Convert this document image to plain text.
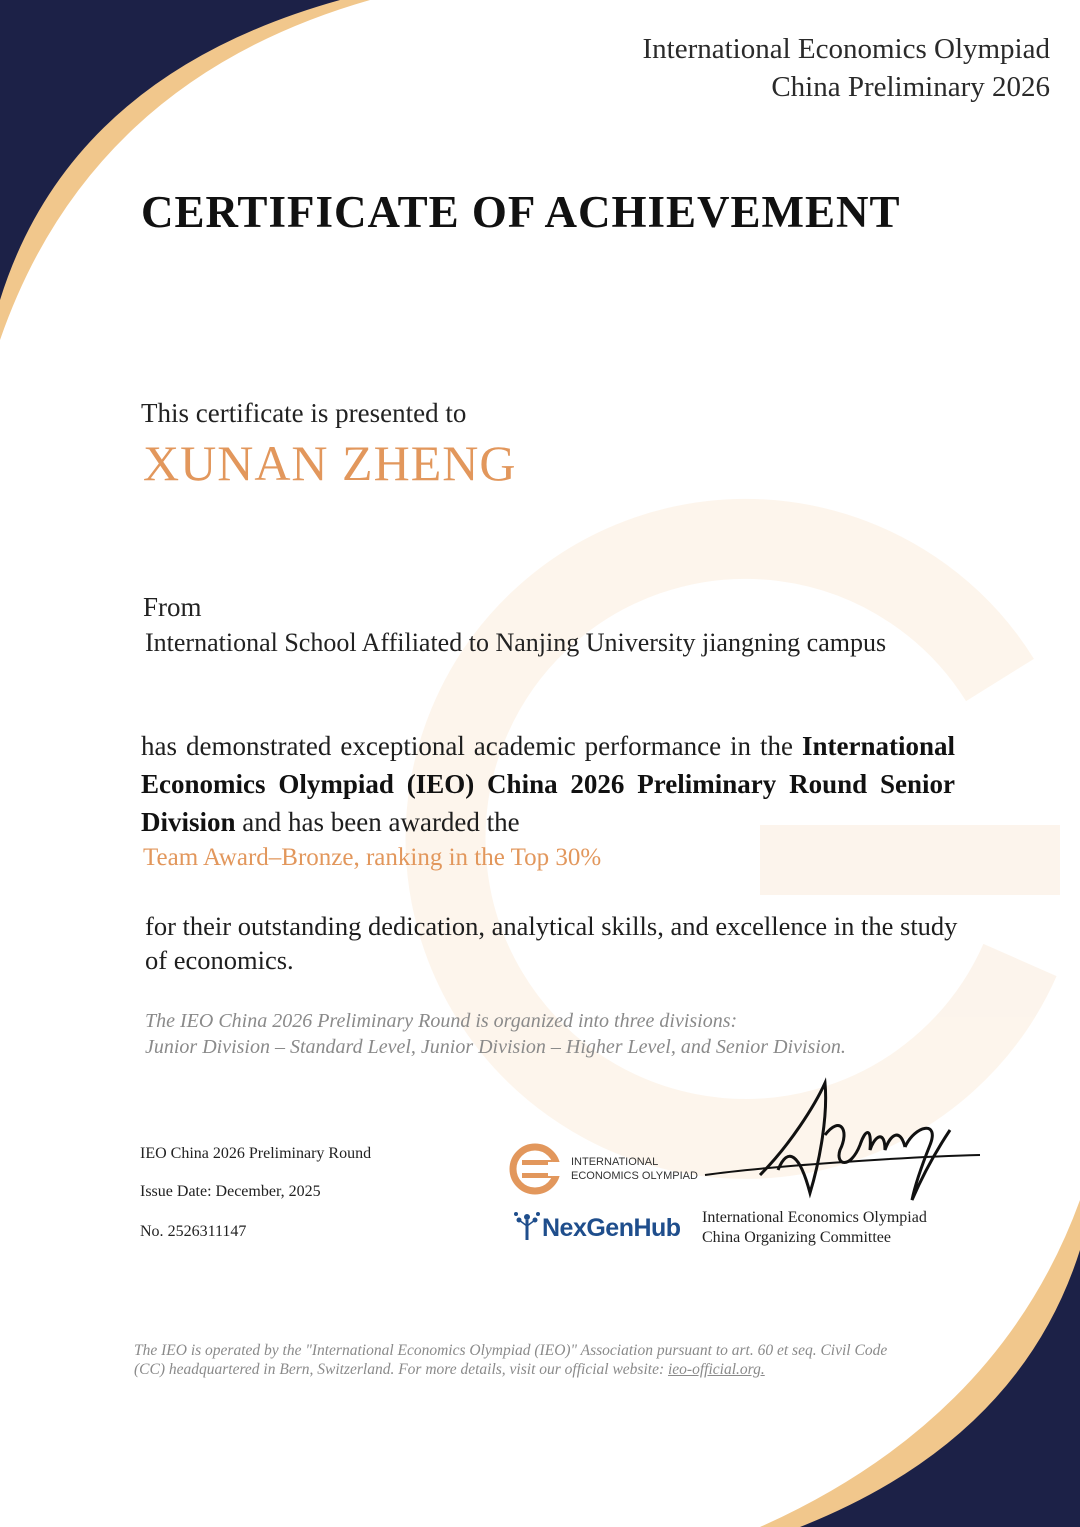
International Economics Olympiad
China Preliminary 2026
CERTIFICATE OF ACHIEVEMENT
This certificate is presented to
XUNAN ZHENG
From
International School Affiliated to Nanjing University jiangning campus
has demonstrated exceptional academic performance in the International Economics Olympiad (IEO) China 2026 Preliminary Round Senior Division and has been awarded the
Team Award–Bronze, ranking in the Top 30%
for their outstanding dedication, analytical skills, and excellence in the study of economics.
The IEO China 2026 Preliminary Round is organized into three divisions:
Junior Division – Standard Level, Junior Division – Higher Level, and Senior Division.
IEO China 2026 Preliminary Round
Issue Date: December, 2025
No. 2526311147
INTERNATIONAL
ECONOMICS OLYMPIAD
NexGenHub International Economics Olympiad
China Organizing Committee
The IEO is operated by the "International Economics Olympiad (IEO)" Association pursuant to art. 60 et seq. Civil Code
(CC) headquartered in Bern, Switzerland. For more details, visit our official website: ieo-official.org.
